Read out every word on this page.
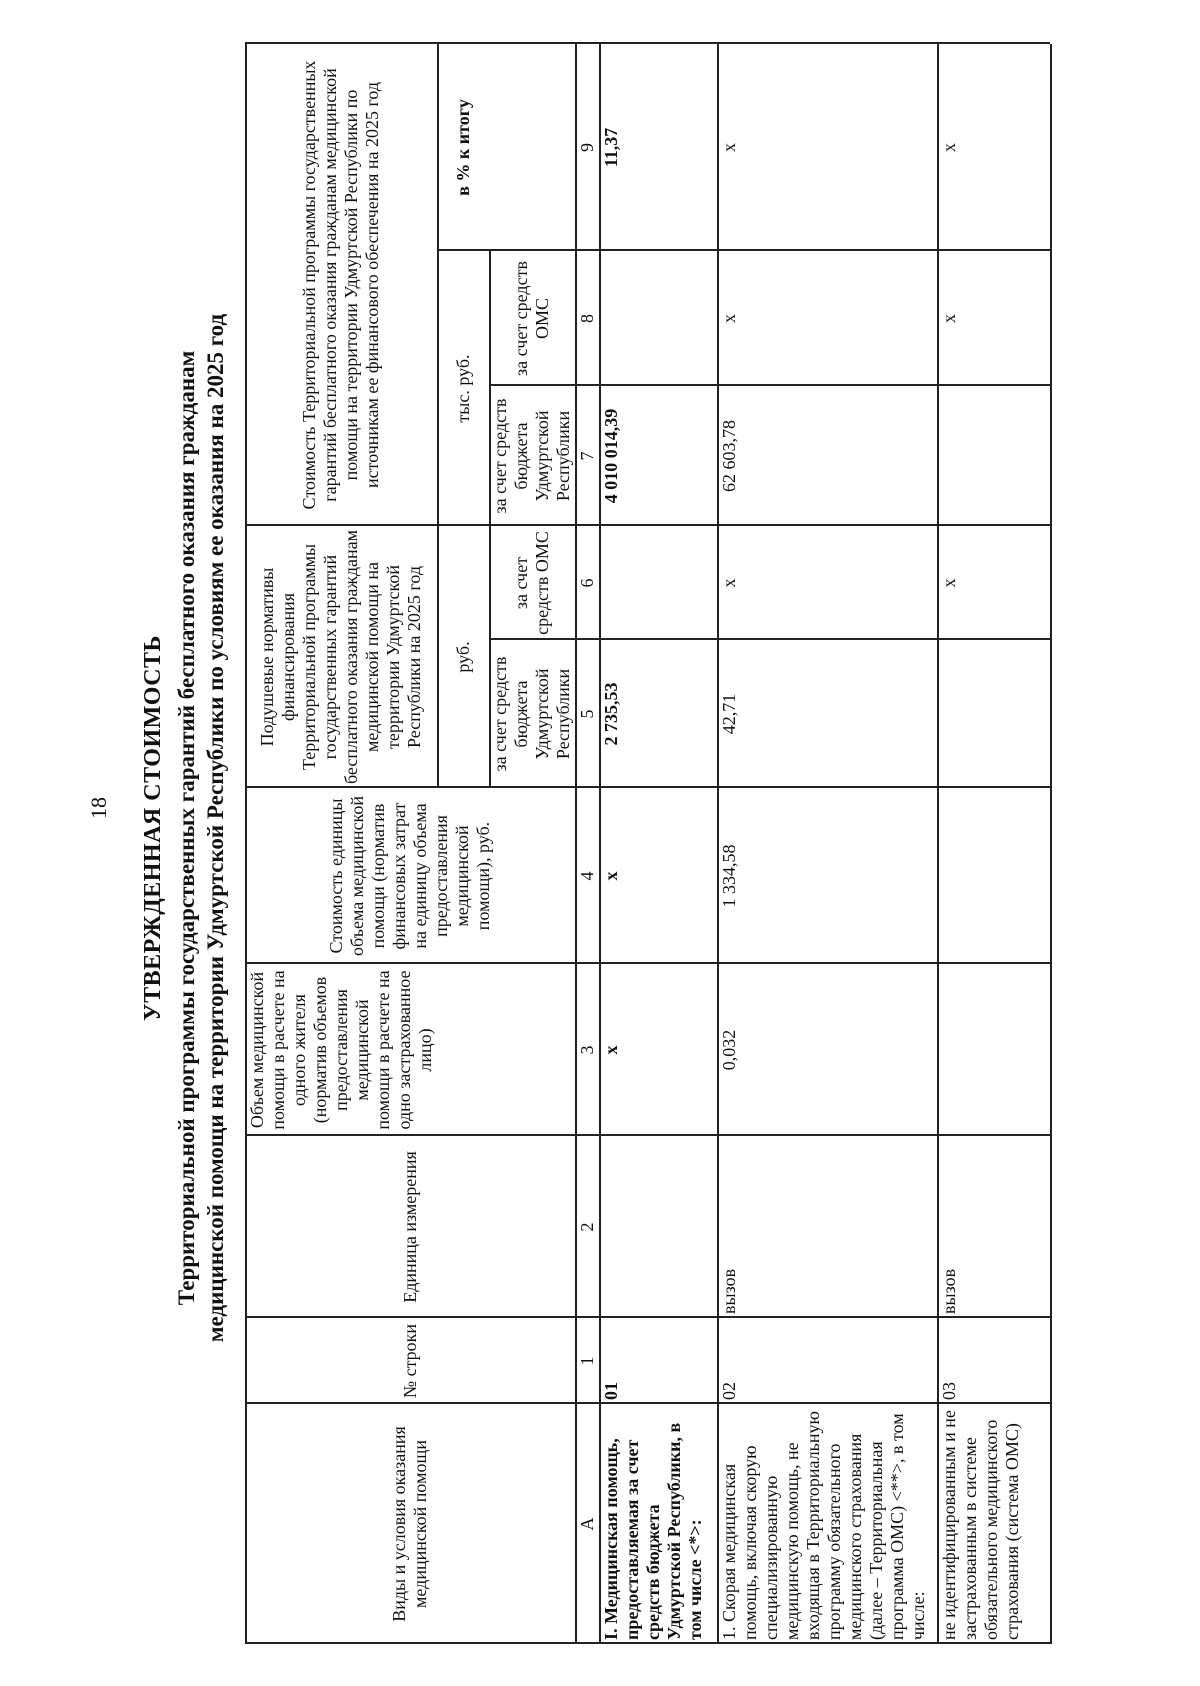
18 УТВЕРЖДЕННАЯ СТОИМОСТЬ Территориальной программы государственных гарантий бесплатного оказания гражданам медицинской помощи на территории Удмуртской Республики по условиям ее оказания на 2025 год
Виды и условия оказания медицинской помощи
№ строки
Единица измерения
Объем медицинской помощи в расчете на одного жителя (норматив объемов предоставления медицинской помощи в расчете на одно застрахованное лицо)
Стоимость единицы объема медицинской помощи (норматив финансовых затрат на единицу объема предоставления медицинской помощи), руб.
Подушевые нормативы финансирования Территориальной программы государственных гарантий бесплатного оказания гражданам медицинской помощи на территории Удмуртской Республики на 2025 год	руб. за счет средств бюджета Удмуртской Республики
за счет средств ОМС
Стоимость Территориальной программы государственных гарантий бесплатного оказания гражданам медицинской помощи на территории Удмуртской Республики по источникам ее финансового обеспечения на 2025 год	тыс. руб.
за счет средств бюджета Удмуртской Республики
за счет средств ОМС
в % к итогу
А
1
2
3
4
5
6
7
8
9
I. Медицинская помощь, предоставляемая за счет средств бюджета Удмуртской Республики, в том числе <*>:
01
х
х
2 735,53
4 010 014,39
11,37
1. Скорая медицинская помощь, включая скорую специализированную медицинскую помощь, не входящая в Территориальную программу обязательного медицинского страхования (далее – Территориальная программа ОМС) <**>, в том числе:
02
вызов
0,032
1 334,58
42,71
х
62 603,78
х
х
не идентифицированным и не застрахованным в системе обязательного медицинского страхования (система ОМС)
03
вызов
х
х
х
